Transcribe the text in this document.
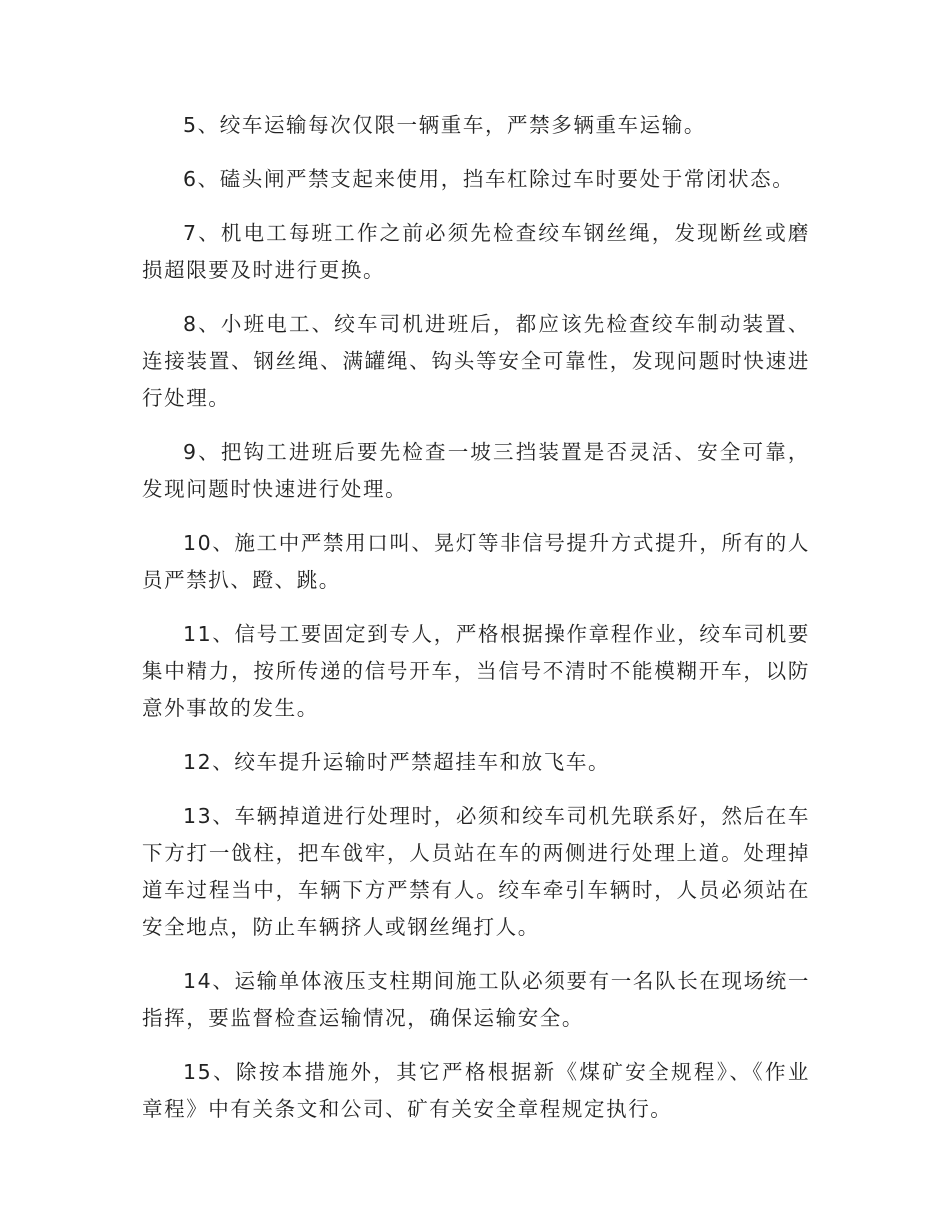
5、绞车运输每次仅限一辆重车，严禁多辆重车运输。

6、磕头闸严禁支起来使用，挡车杠除过车时要处于常闭状态。

7、机电工每班工作之前必须先检查绞车钢丝绳，发现断丝或磨损超限要及时进行更换。

8、小班电工、绞车司机进班后，都应该先检查绞车制动装置、连接装置、钢丝绳、满罐绳、钩头等安全可靠性，发现问题时快速进行处理。

9、把钩工进班后要先检查一坡三挡装置是否灵活、安全可靠，发现问题时快速进行处理。

10、施工中严禁用口叫、晃灯等非信号提升方式提升，所有的人员严禁扒、蹬、跳。

11、信号工要固定到专人，严格根据操作章程作业，绞车司机要集中精力，按所传递的信号开车，当信号不清时不能模糊开车，以防意外事故的发生。

12、绞车提升运输时严禁超挂车和放飞车。

13、车辆掉道进行处理时，必须和绞车司机先联系好，然后在车下方打一戗柱，把车戗牢，人员站在车的两侧进行处理上道。处理掉道车过程当中，车辆下方严禁有人。绞车牵引车辆时，人员必须站在安全地点，防止车辆挤人或钢丝绳打人。

14、运输单体液压支柱期间施工队必须要有一名队长在现场统一指挥，要监督检查运输情况，确保运输安全。

15、除按本措施外，其它严格根据新《煤矿安全规程》、《作业章程》中有关条文和公司、矿有关安全章程规定执行。
